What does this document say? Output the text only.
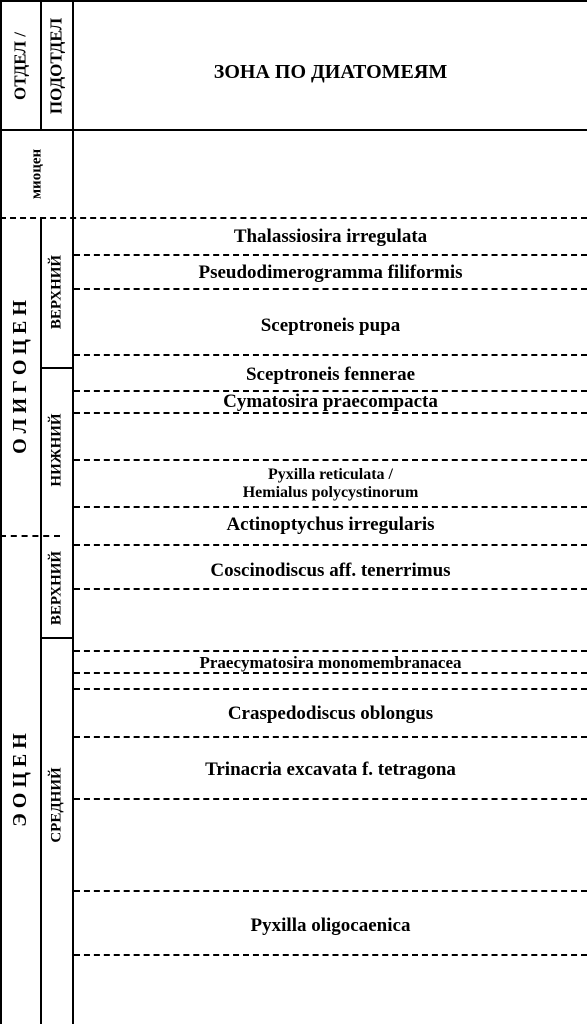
ОТДЕЛ / ПОДОТДЕЛ	ЗОНА ПО ДИАТОМЕЯМ
миоцен
О Л И Г О Ц Е Н
ВЕРХНИЙ
НИЖНИЙ
Э О Ц Е Н
ВЕРХНИЙ
СРЕДНИЙ
Thalassiosira irregulata
Pseudodimerogramma filiformis
Sceptroneis pupa
Sceptroneis fennerae
Cymatosira praecompacta
Pyxilla reticulata /
Hemialus polycystinorum
Actinoptychus irregularis
Coscinodiscus aff. tenerrimus
Praecymatosira monomembranacea
Craspedodiscus oblongus
Trinacria excavata f. tetragona
Pyxilla oligocaenica
